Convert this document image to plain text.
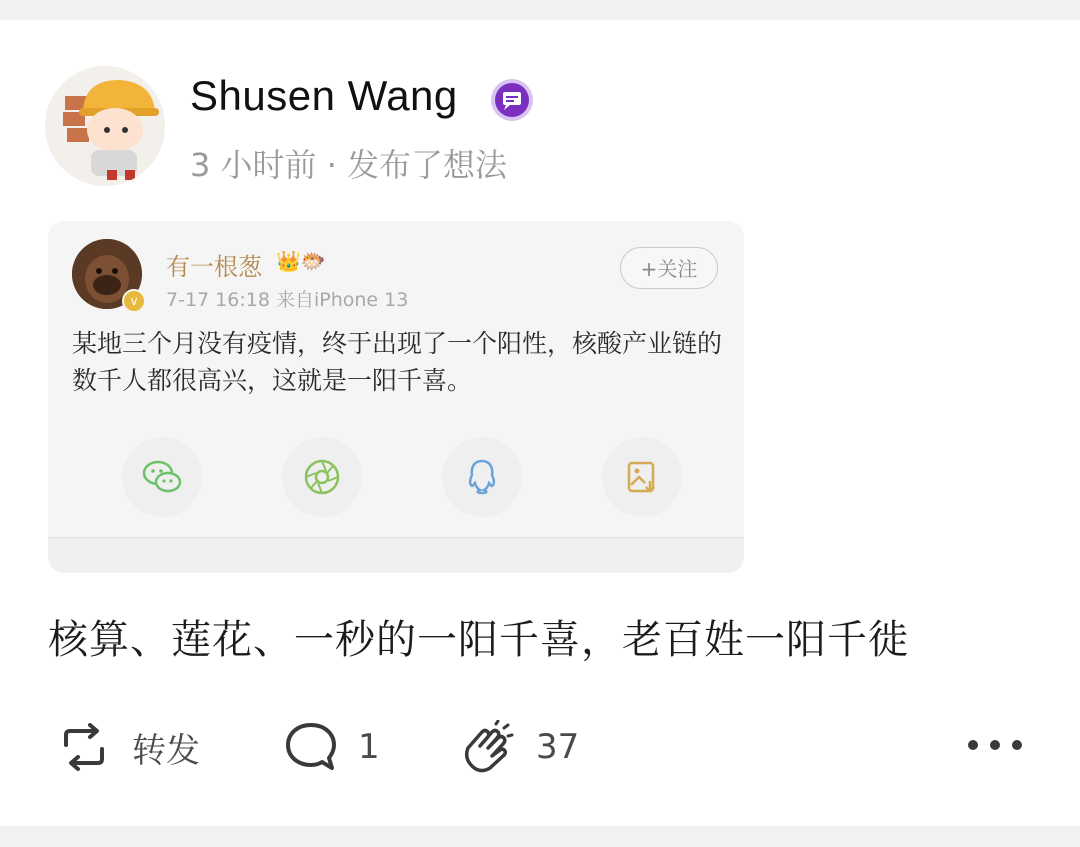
Shusen Wang
3 小时前 · 发布了想法
v
有一根葱 👑🐡
7-17 16:18 来自iPhone 13
+关注
某地三个月没有疫情，终于出现了一个阳性，核酸产业链的数千人都很高兴，这就是一阳千喜。
核算、莲花、一秒的一阳千喜，老百姓一阳千徙
转发	1	37
